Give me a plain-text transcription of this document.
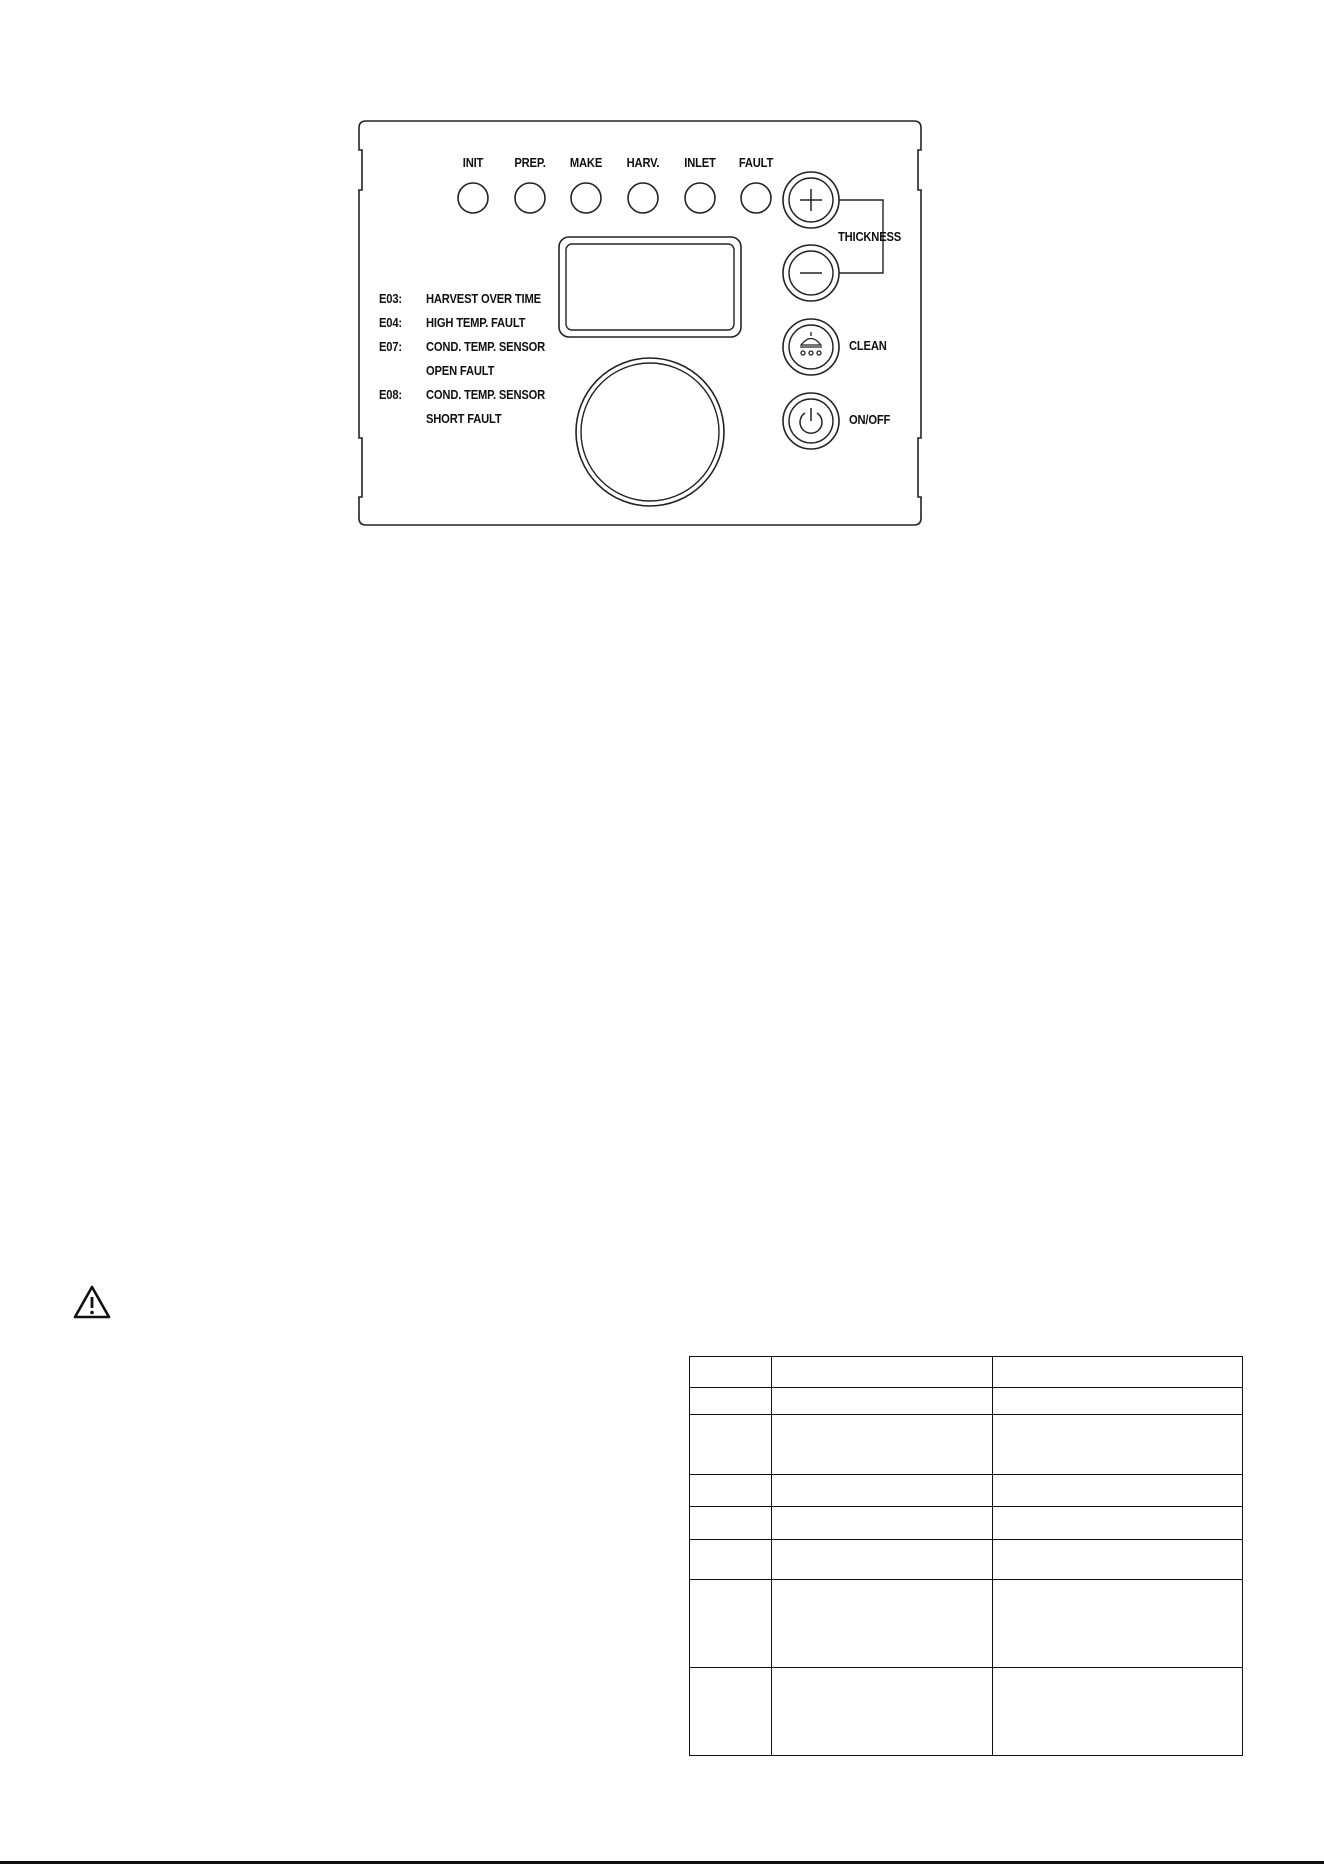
INIT PREP. MAKE HARV. INLET FAULT
THICKNESS
CLEAN
ON/OFF
E03: HARVEST OVER TIME
E04: HIGH TEMP. FAULT
E07: COND. TEMP. SENSOR
OPEN FAULT
E08: COND. TEMP. SENSOR
SHORT FAULT
